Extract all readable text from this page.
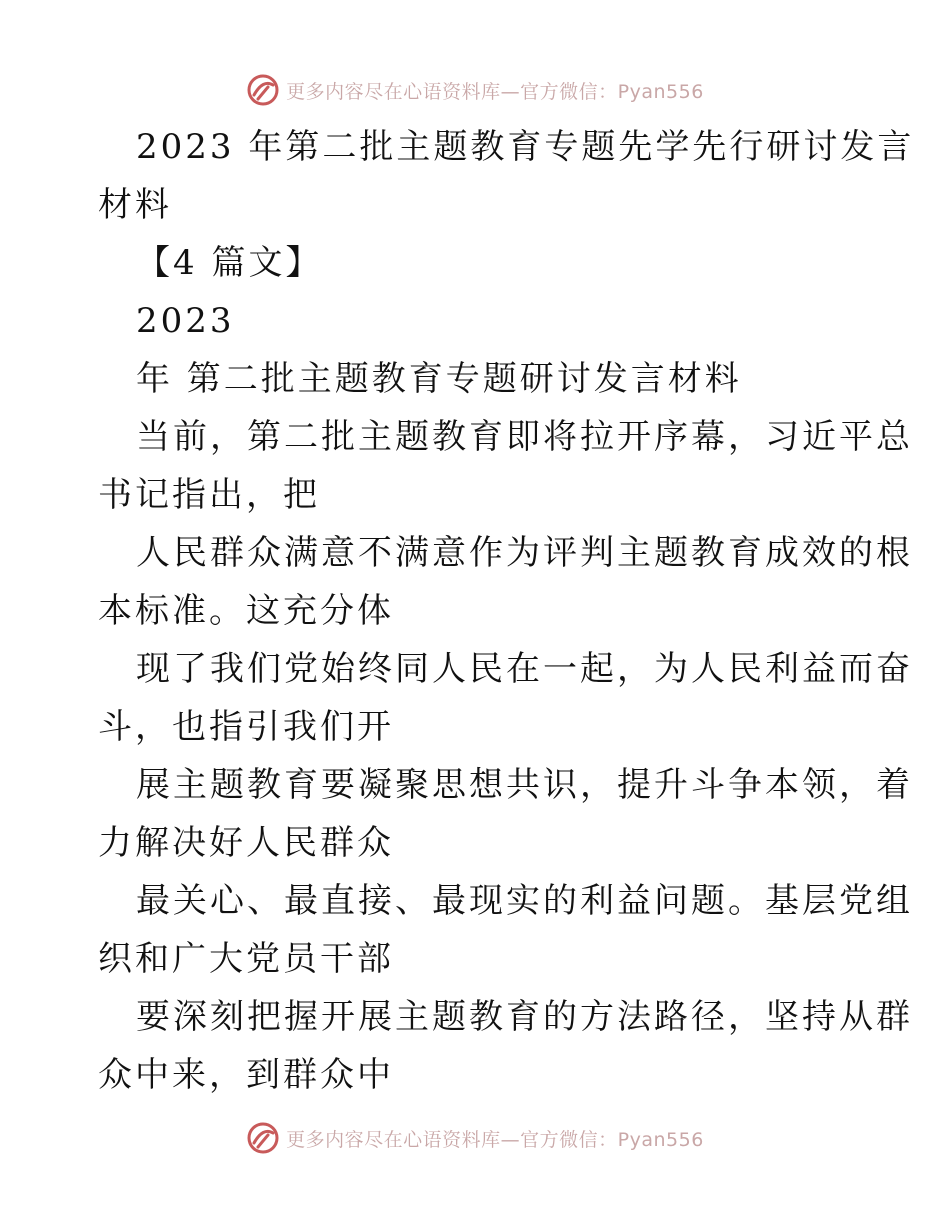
更多内容尽在心语资料库—官方微信：Pyan556
2023 年第二批主题教育专题先学先行研讨发言
材料
【4 篇文】
2023
年 第二批主题教育专题研讨发言材料
当前，第二批主题教育即将拉开序幕，习近平总
书记指出，把
人民群众满意不满意作为评判主题教育成效的根
本标准。这充分体
现了我们党始终同人民在一起，为人民利益而奋
斗，也指引我们开
展主题教育要凝聚思想共识，提升斗争本领，着
力解决好人民群众
最关心、最直接、最现实的利益问题。基层党组
织和广大党员干部
要深刻把握开展主题教育的方法路径，坚持从群
众中来，到群众中
更多内容尽在心语资料库—官方微信：Pyan556
